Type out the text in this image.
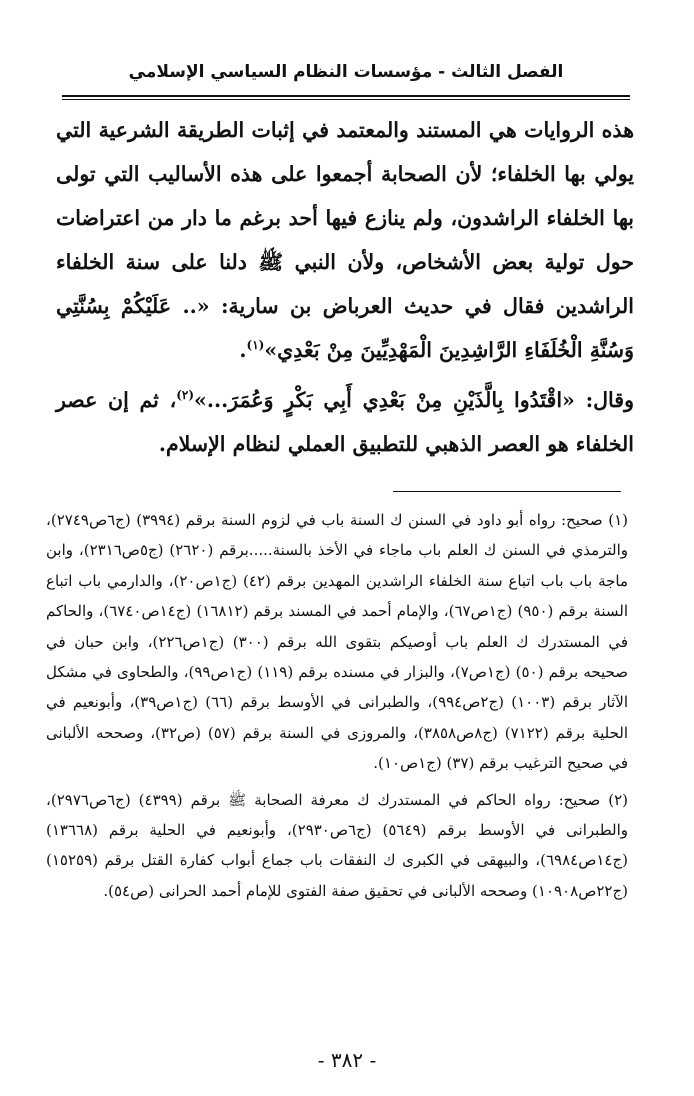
الفصل الثالث - مؤسسات النظام السياسي الإسلامي

هذه الروايات هي المستند والمعتمد في إثبات الطريقة الشرعية التي يولي بها الخلفاء؛ لأن الصحابة أجمعوا على هذه الأساليب التي تولى بها الخلفاء الراشدون، ولم ينازع فيها أحد برغم ما دار من اعتراضات حول تولية بعض الأشخاص، ولأن النبي ﷺ دلنا على سنة الخلفاء الراشدين فقال في حديث العرباض بن سارية: «.. عَلَيْكُمْ بِسُنَّتِي وَسُنَّةِ الْخُلَفَاءِ الرَّاشِدِينَ الْمَهْدِيِّينَ مِنْ بَعْدِي»$^{(١)}$.

وقال: «اقْتَدُوا بِالَّذَيْنِ مِنْ بَعْدِي أَبِي بَكْرٍ وَعُمَرَ...»$^{(٢)}$، ثم إن عصر الخلفاء هو العصر الذهبي للتطبيق العملي لنظام الإسلام.

(١) صحيح: رواه أبو داود في السنن ك السنة باب في لزوم السنة برقم (٣٩٩٤) (ج٦ص٢٧٤٩)، والترمذي في السنن ك العلم باب ماجاء في الأخذ بالسنة.....برقم (٢٦٢٠) (ج٥ص٢٣١٦)، وابن ماجة باب باب اتباع سنة الخلفاء الراشدين المهدين برقم (٤٢) (ج١ص٢٠)، والدارمي باب اتباع السنة برقم (٩٥٠) (ج١ص٦٧)، والإمام أحمد في المسند برقم (١٦٨١٢) (ج١٤ص٦٧٤٠)، والحاكم في المستدرك ك العلم باب أوصيكم بتقوى الله برقم (٣٠٠) (ج١ص٢٢٦)، وابن حبان في صحيحه برقم (٥٠) (ج١ص٧)، والبزار في مسنده برقم (١١٩) (ج١ص٩٩)، والطحاوى في مشكل الآثار برقم (١٠٠٣) (ج٢ص٩٩٤)، والطبرانى في الأوسط برقم (٦٦) (ج١ص٣٩)، وأبونعيم في الحلية برقم (٧١٢٢) (ج٨ص٣٨٥٨)، والمروزى في السنة برقم (٥٧) (ص٣٢)، وصححه الألبانى في صحيح الترغيب برقم (٣٧) (ج١ص١٠).

(٢) صحيح: رواه الحاكم في المستدرك ك معرفة الصحابة ﷺ برقم (٤٣٩٩) (ج٦ص٢٩٧٦)، والطبرانى في الأوسط برقم (٥٦٤٩) (ج٦ص٢٩٣٠)، وأبونعيم في الحلية برقم (١٣٦٦٨) (ج١٤ص٦٩٨٤)، والبيهقى في الكبرى ك النفقات باب جماع أبواب كفارة القتل برقم (١٥٢٥٩) (ج٢٢ص١٠٩٠٨) وصححه الألبانى في تحقيق صفة الفتوى للإمام أحمد الحرانى (ص٥٤).

- ٣٨٢ -
